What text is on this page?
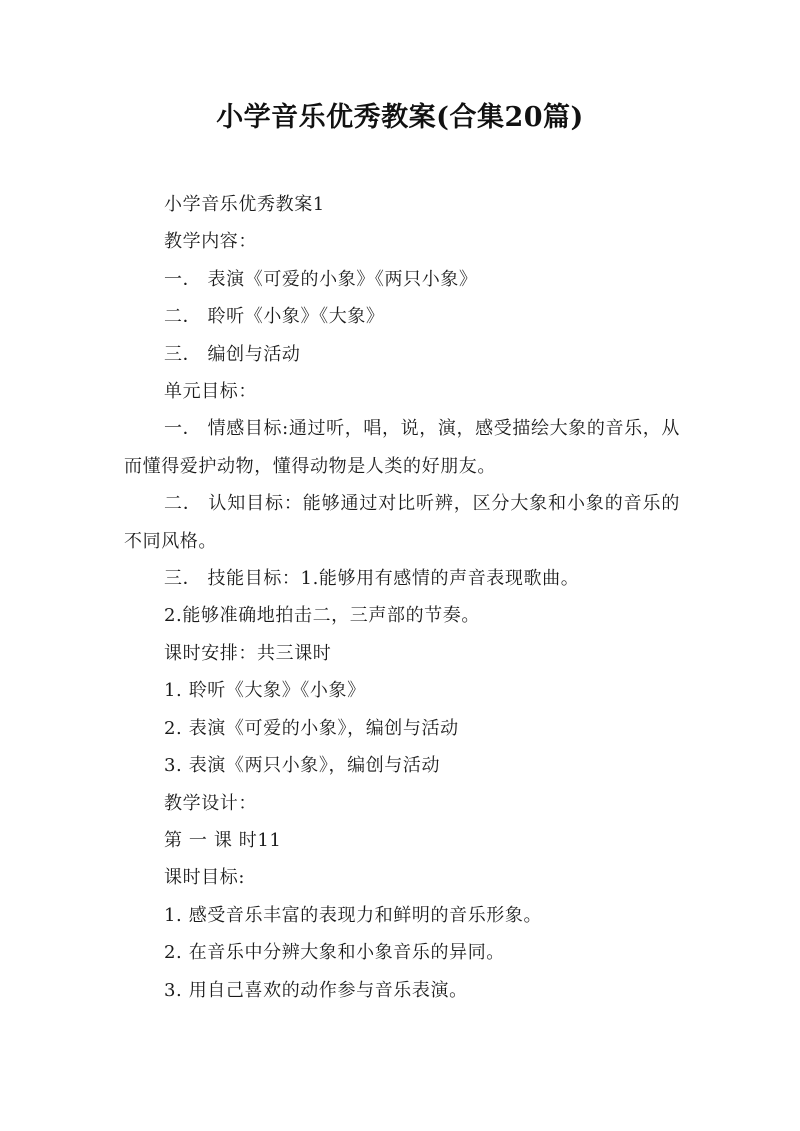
小学音乐优秀教案(合集20篇)

小学音乐优秀教案1

教学内容：

一． 表演《可爱的小象》《两只小象》

二． 聆听《小象》《大象》

三． 编创与活动

单元目标：

一． 情感目标:通过听，唱，说，演，感受描绘大象的音乐，从而懂得爱护动物，懂得动物是人类的好朋友。

二． 认知目标：能够通过对比听辨，区分大象和小象的音乐的不同风格。

三． 技能目标：1.能够用有感情的声音表现歌曲。

2.能够准确地拍击二，三声部的节奏。

课时安排：共三课时

1. 聆听《大象》《小象》

2. 表演《可爱的小象》，编创与活动

3. 表演《两只小象》，编创与活动

教学设计：

第 一 课 时11

课时目标:

1. 感受音乐丰富的表现力和鲜明的音乐形象。

2. 在音乐中分辨大象和小象音乐的异同。

3. 用自己喜欢的动作参与音乐表演。
